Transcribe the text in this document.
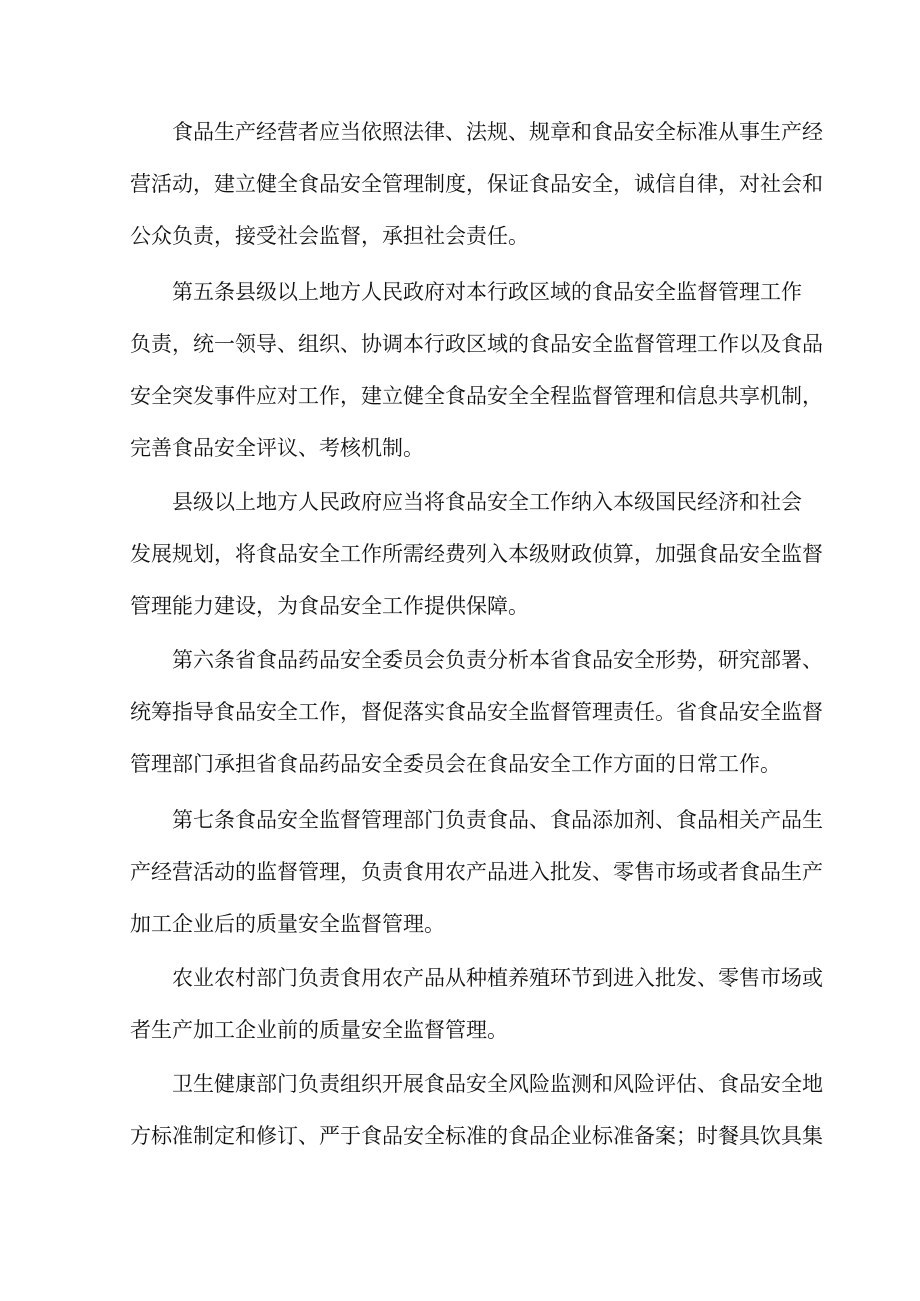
食品生产经营者应当依照法律、法规、规章和食品安全标准从事生产经
营活动，建立健全食品安全管理制度，保证食品安全，诚信自律，对社会和
公众负责，接受社会监督，承担社会责任。
第五条县级以上地方人民政府对本行政区域的食品安全监督管理工作
负责，统一领导、组织、协调本行政区域的食品安全监督管理工作以及食品
安全突发事件应对工作，建立健全食品安全全程监督管理和信息共享机制，
完善食品安全评议、考核机制。
县级以上地方人民政府应当将食品安全工作纳入本级国民经济和社会
发展规划，将食品安全工作所需经费列入本级财政侦算，加强食品安全监督
管理能力建设，为食品安全工作提供保障。
第六条省食品药品安全委员会负责分析本省食品安全形势，研究部署、
统筹指导食品安全工作，督促落实食品安全监督管理责任。省食品安全监督
管理部门承担省食品药品安全委员会在食品安全工作方面的日常工作。
第七条食品安全监督管理部门负责食品、食品添加剂、食品相关产品生
产经营活动的监督管理，负责食用农产品进入批发、零售市场或者食品生产
加工企业后的质量安全监督管理。
农业农村部门负责食用农产品从种植养殖环节到进入批发、零售市场或
者生产加工企业前的质量安全监督管理。
卫生健康部门负责组织开展食品安全风险监测和风险评估、食品安全地
方标准制定和修订、严于食品安全标准的食品企业标准备案；时餐具饮具集
